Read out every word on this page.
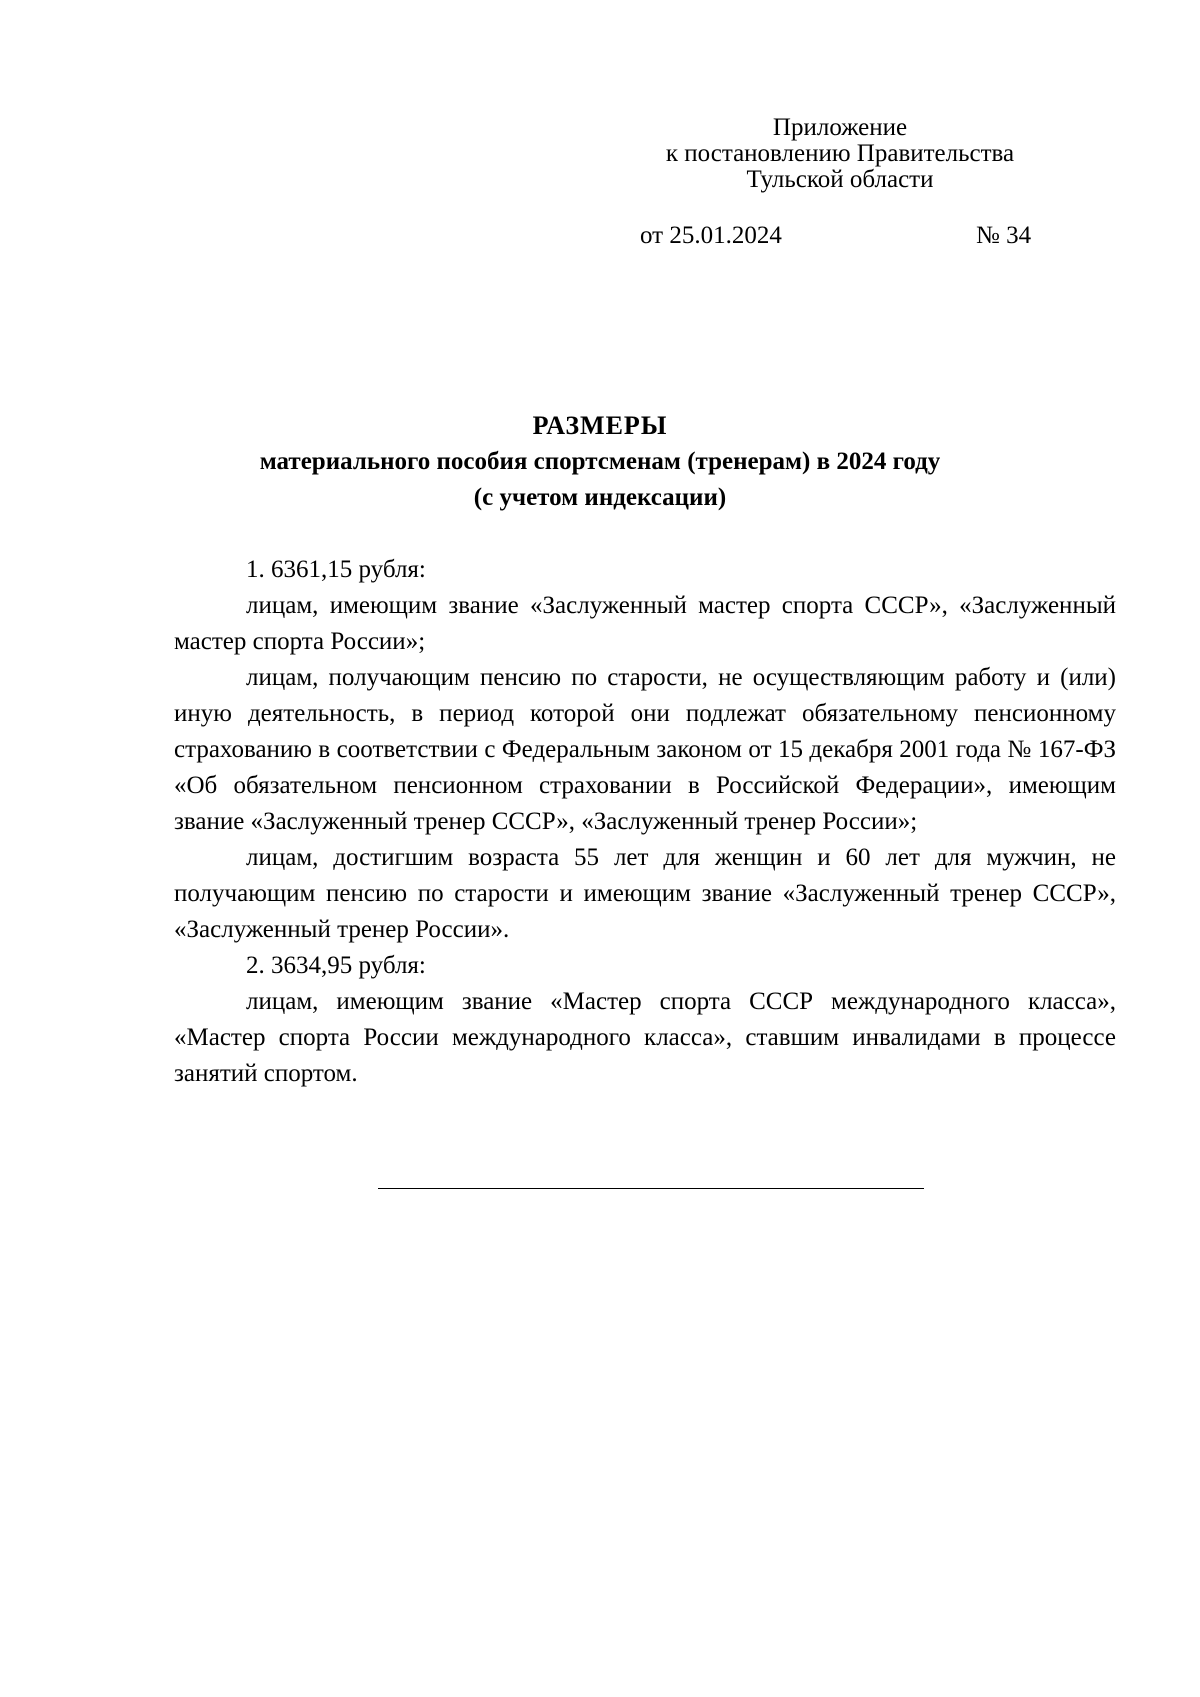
Приложение
к постановлению Правительства
Тульской области
от 25.01.2024	№ 34
РАЗМЕРЫ
материального пособия спортсменам (тренерам) в 2024 году
(с учетом индексации)

1. 6361,15 рубля:

лицам, имеющим звание «Заслуженный мастер спорта СССР», «Заслуженный мастер спорта России»;

лицам, получающим пенсию по старости, не осуществляющим работу и (или) иную деятельность, в период которой они подлежат обязательному пенсионному страхованию в соответствии с Федеральным законом от 15 декабря 2001 года № 167-ФЗ «Об обязательном пенсионном страховании в Российской Федерации», имеющим звание «Заслуженный тренер СССР», «Заслуженный тренер России»;

лицам, достигшим возраста 55 лет для женщин и 60 лет для мужчин, не получающим пенсию по старости и имеющим звание «Заслуженный тренер СССР», «Заслуженный тренер России».

2. 3634,95 рубля:

лицам, имеющим звание «Мастер спорта СССР международного класса», «Мастер спорта России международного класса», ставшим инвалидами в процессе занятий спортом.
